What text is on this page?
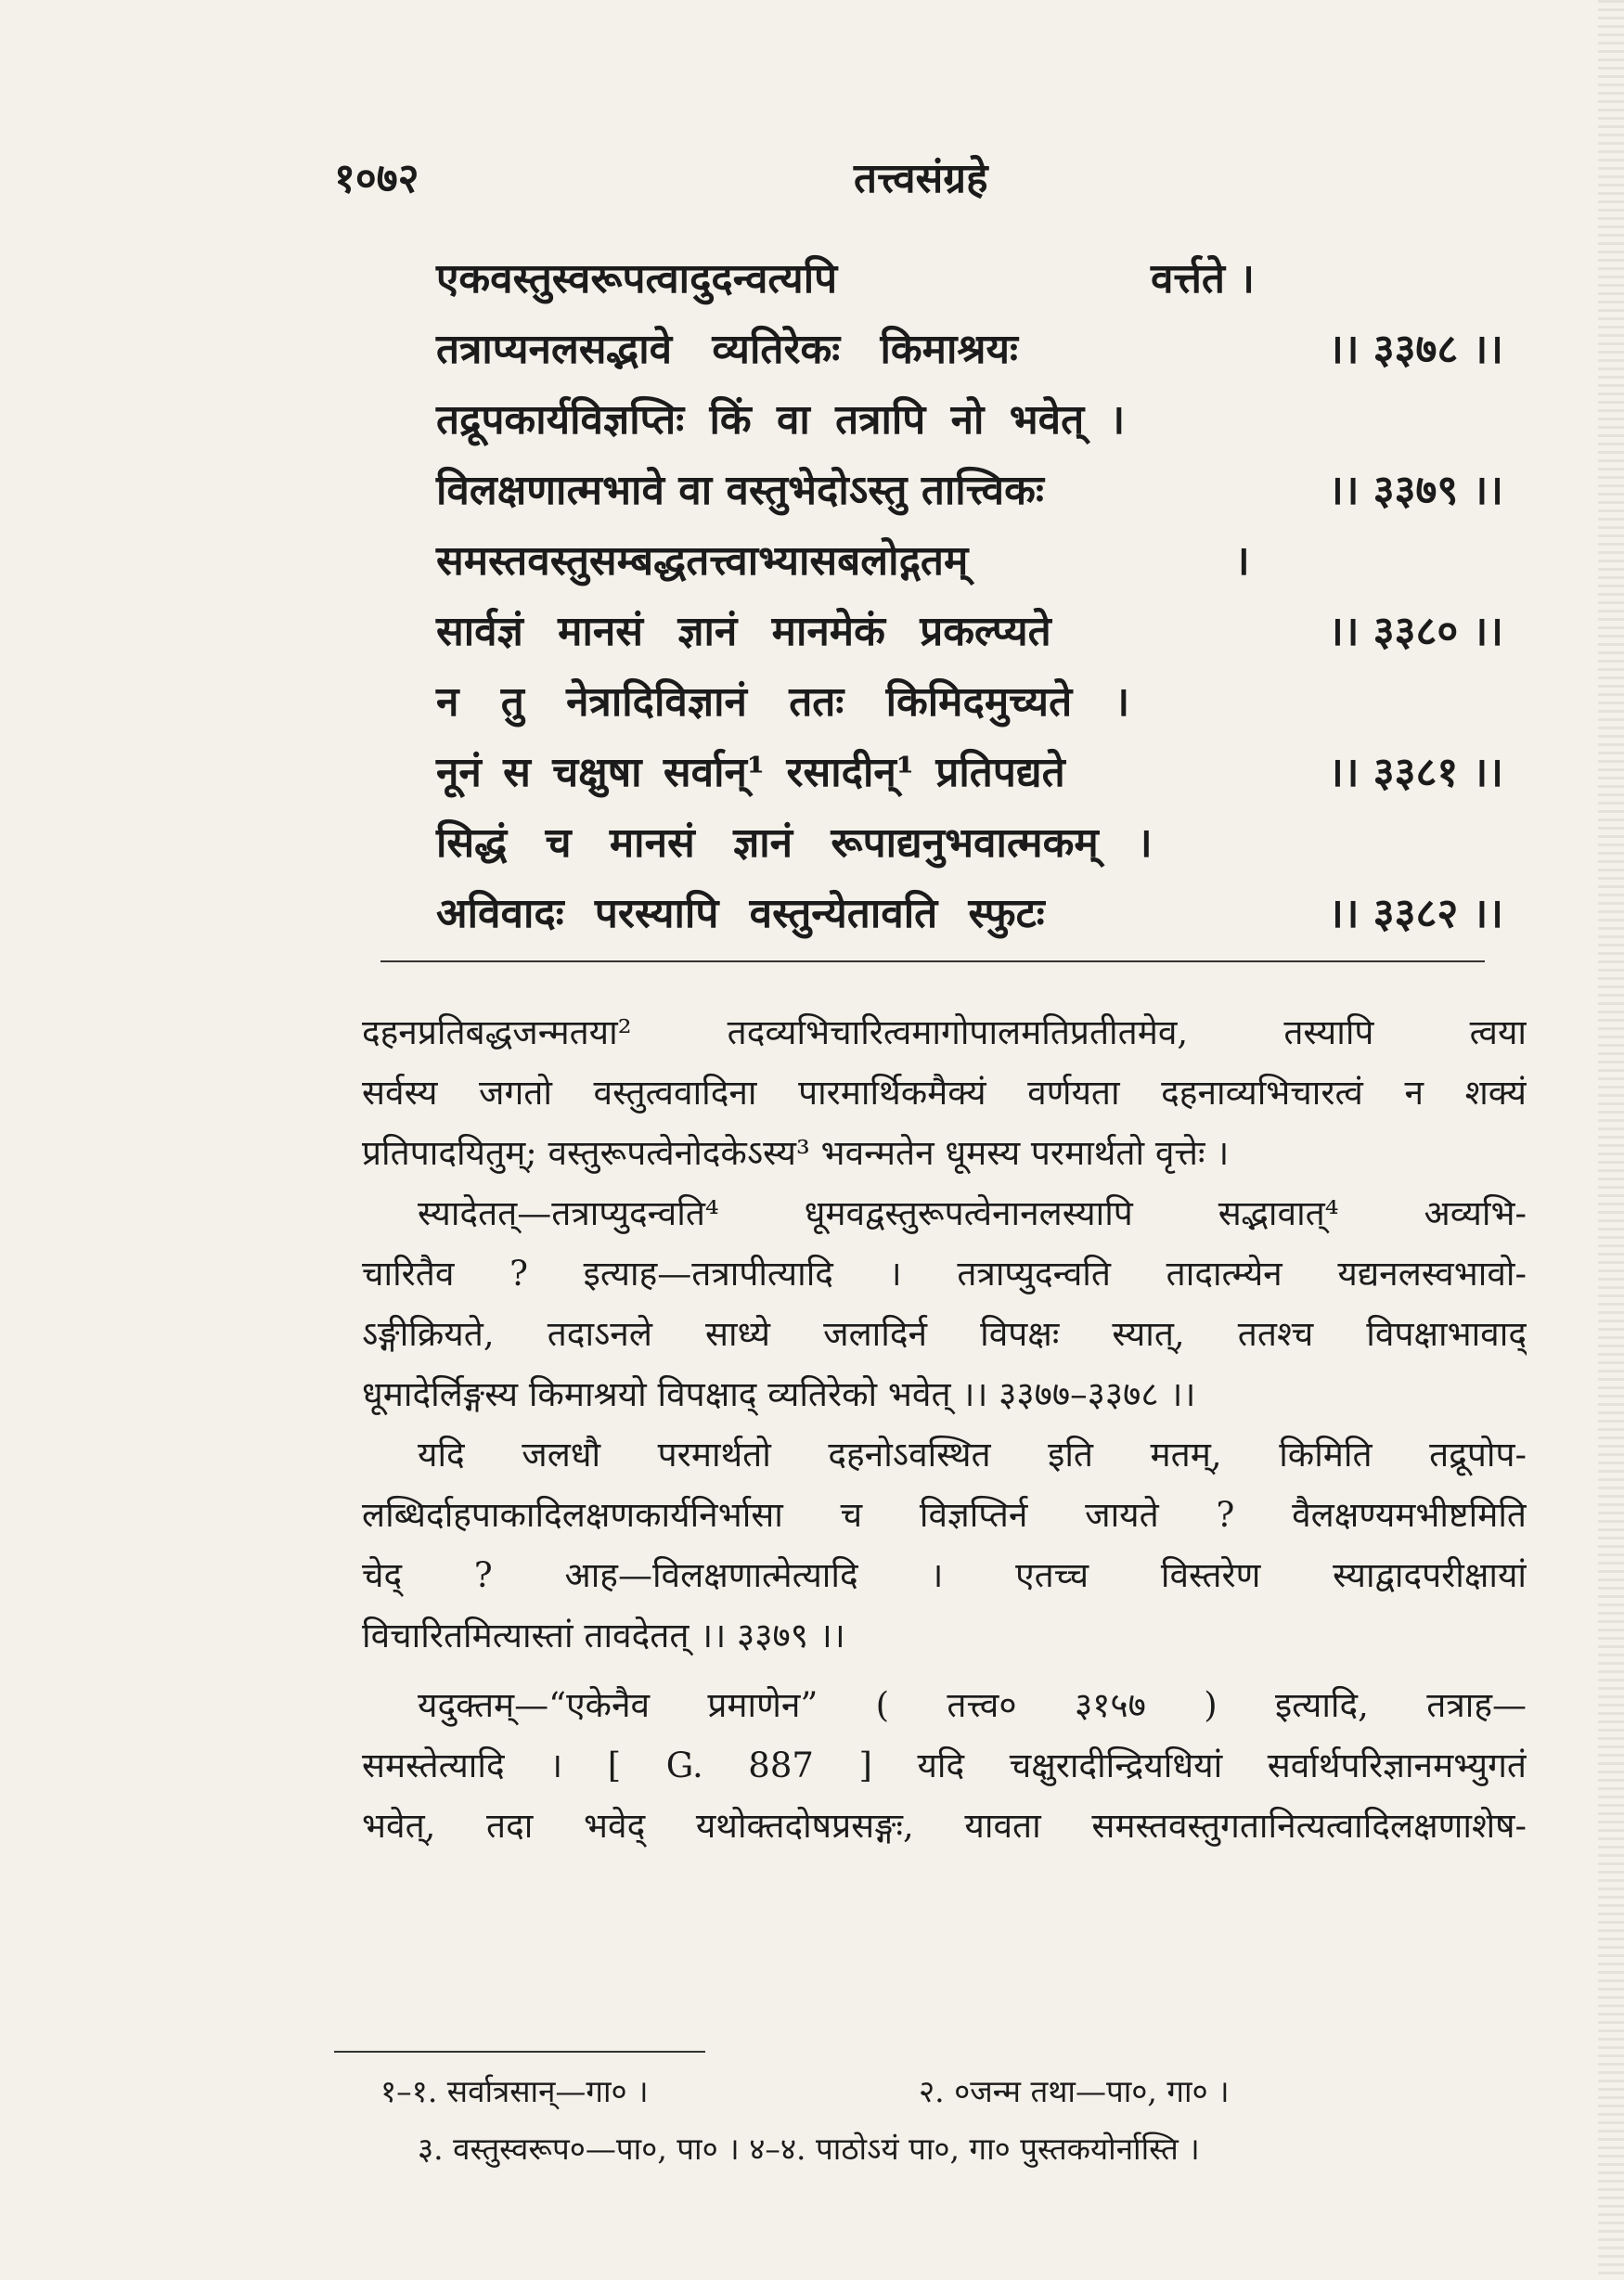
१०७२	तत्त्वसंग्रहे
एकवस्तुस्वरूपत्वादुदन्वत्यपि	वर्त्तते ।
तत्राप्यनलसद्भावे व्यतिरेकः किमाश्रयः	।। ३३७८ ।।
तद्रूपकार्यविज्ञप्तिः किं वा तत्रापि नो भवेत् ।
विलक्षणात्मभावे वा वस्तुभेदोऽस्तु तात्त्विकः	।। ३३७९ ।।
समस्तवस्तुसम्बद्धतत्त्वाभ्यासबलोद्गतम्	।
सार्वज्ञं मानसं ज्ञानं मानमेकं प्रकल्प्यते	।। ३३८० ।।
न तु नेत्रादिविज्ञानं ततः किमिदमुच्यते ।
नूनं स चक्षुषा सर्वान्¹ रसादीन्¹ प्रतिपद्यते	।। ३३८१ ।।
सिद्धं च मानसं ज्ञानं रूपाद्यनुभवात्मकम् ।
अविवादः परस्यापि वस्तुन्येतावति स्फुटः	।। ३३८२ ।।
दहनप्रतिबद्धजन्मतया² तदव्यभिचारित्वमागोपालमतिप्रतीतमेव, तस्यापि त्वया
सर्वस्य जगतो वस्तुत्ववादिना पारमार्थिकमैक्यं वर्णयता दहनाव्यभिचारत्वं न शक्यं
प्रतिपादयितुम्; वस्तुरूपत्वेनोदकेऽस्य³ भवन्मतेन धूमस्य परमार्थतो वृत्तेः ।
स्यादेतत्—तत्राप्युदन्वति⁴ धूमवद्वस्तुरूपत्वेनानलस्यापि सद्भावात्⁴ अव्यभि-
चारितैव ? इत्याह—तत्रापीत्यादि । तत्राप्युदन्वति तादात्म्येन यद्यनलस्वभावो-
ऽङ्गीक्रियते, तदाऽनले साध्ये जलादिर्न विपक्षः स्यात्, ततश्च विपक्षाभावाद्
धूमादेर्लिङ्गस्य किमाश्रयो विपक्षाद् व्यतिरेको भवेत् ।। ३३७७–३३७८ ।।
यदि जलधौ परमार्थतो दहनोऽवस्थित इति मतम्, किमिति तद्रूपोप-
लब्धिर्दाहपाकादिलक्षणकार्यनिर्भासा च विज्ञप्तिर्न जायते ? वैलक्षण्यमभीष्टमिति
चेद् ? आह—विलक्षणात्मेत्यादि । एतच्च विस्तरेण स्याद्वादपरीक्षायां
विचारितमित्यास्तां तावदेतत् ।। ३३७९ ।।
यदुक्तम्—“एकेनैव प्रमाणेन” ( तत्त्व० ३१५७ ) इत्यादि, तत्राह—
समस्तेत्यादि । [ G. 887 ] यदि चक्षुरादीन्द्रियधियां सर्वार्थपरिज्ञानमभ्युगतं
भवेत्, तदा भवेद् यथोक्तदोषप्रसङ्गः, यावता समस्तवस्तुगतानित्यत्वादिलक्षणाशेष-
१–१. सर्वात्रसान्—गा० ।	२. ०जन्म तथा—पा०, गा० ।
३. वस्तुस्वरूप०—पा०, पा० । ४–४. पाठोऽयं पा०, गा० पुस्तकयोर्नास्ति ।
